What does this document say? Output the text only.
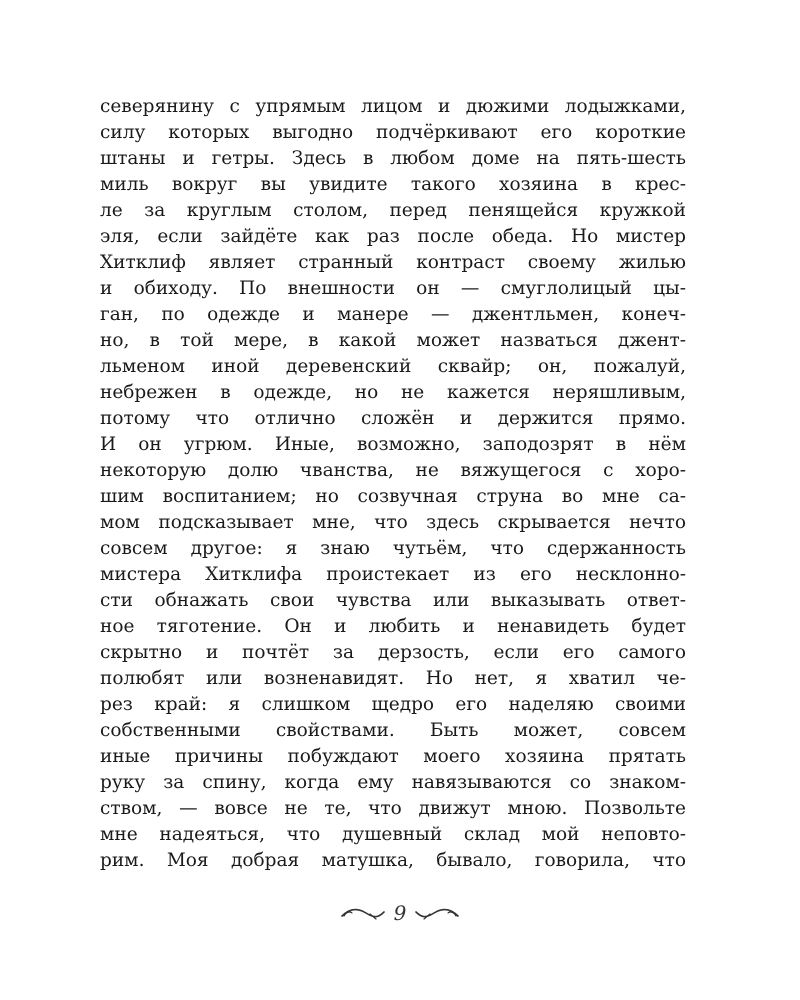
северянину с упрямым лицом и дюжими лодыжками,
силу которых выгодно подчёркивают его короткие
штаны и гетры. Здесь в любом доме на пять-шесть
миль вокруг вы увидите такого хозяина в крес-
ле за круглым столом, перед пенящейся кружкой
эля, если зайдёте как раз после обеда. Но мистер
Хитклиф являет странный контраст своему жилью
и обиходу. По внешности он — смуглолицый цы-
ган, по одежде и манере — джентльмен, конеч-
но, в той мере, в какой может назваться джент-
льменом иной деревенский сквайр; он, пожалуй,
небрежен в одежде, но не кажется неряшливым,
потому что отлично сложён и держится прямо.
И он угрюм. Иные, возможно, заподозрят в нём
некоторую долю чванства, не вяжущегося с хоро-
шим воспитанием; но созвучная струна во мне са-
мом подсказывает мне, что здесь скрывается нечто
совсем другое: я знаю чутьём, что сдержанность
мистера Хитклифа проистекает из его несклонно-
сти обнажать свои чувства или выказывать ответ-
ное тяготение. Он и любить и ненавидеть будет
скрытно и почтёт за дерзость, если его самого
полюбят или возненавидят. Но нет, я хватил че-
рез край: я слишком щедро его наделяю своими
собственными свойствами. Быть может, совсем
иные причины побуждают моего хозяина прятать
руку за спину, когда ему навязываются со знаком-
ством, — вовсе не те, что движут мною. Позвольте
мне надеяться, что душевный склад мой неповто-
рим. Моя добрая матушка, бывало, говорила, что
9
